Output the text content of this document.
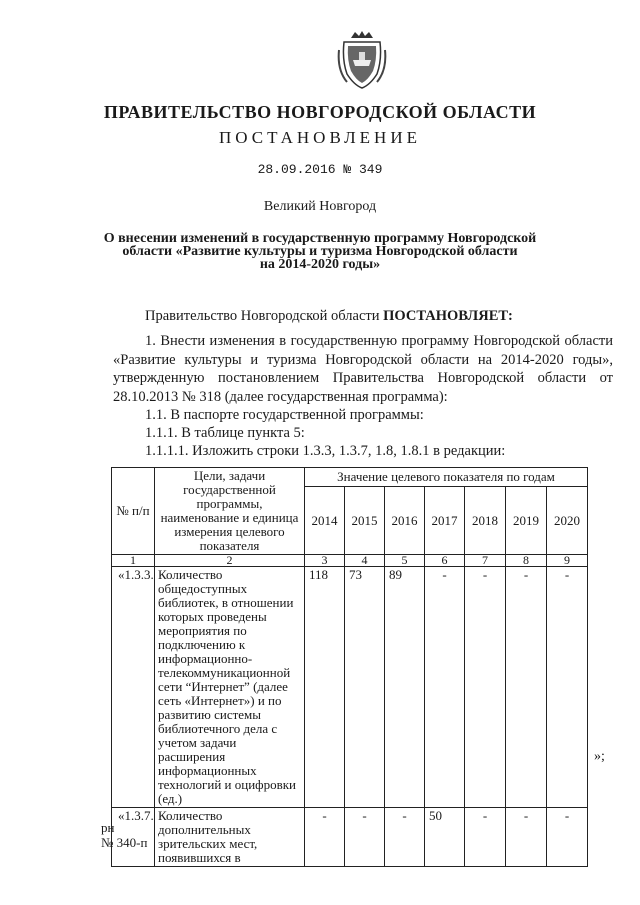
ПРАВИТЕЛЬСТВО НОВГОРОДСКОЙ ОБЛАСТИ
ПОСТАНОВЛЕНИЕ
28.09.2016 № 349
Великий Новгород
О внесении изменений в государственную программу Новгородской
области «Развитие культуры и туризма Новгородской области
на 2014-2020 годы»
Правительство Новгородской области ПОСТАНОВЛЯЕТ:
1. Внести изменения в государственную программу Новгородской области «Развитие культуры и туризма Новгородской области на 2014-2020 годы», утвержденную постановлением Правительства Новгородской области от 28.10.2013 № 318 (далее государственная программа):
1.1. В паспорте государственной программы:
1.1.1. В таблице пункта 5:
1.1.1.1. Изложить строки 1.3.3, 1.3.7, 1.8, 1.8.1 в редакции:
№ п/п	Цели, задачи государственной программы, наименование и единица измерения целевого показателя	Значение целевого показателя по годам						
		2014	2015	2016	2017	2018	2019	2020
1	2	3	4	5	6	7	8	9
«1.3.3.	Количество общедоступных библиотек, в отношении которых проведены мероприятия по подключению к информационно-телекоммуникационной сети “Интернет” (далее сеть «Интернет») и по развитию системы библиотечного дела с учетом задачи расширения информационных технологий и оцифровки (ед.)	118	73	89	-	-	-	-
«1.3.7.	Количество дополнительных зрительских мест, появившихся в	-	-	-	50	-	-	-
»;
рн
№ 340-п
